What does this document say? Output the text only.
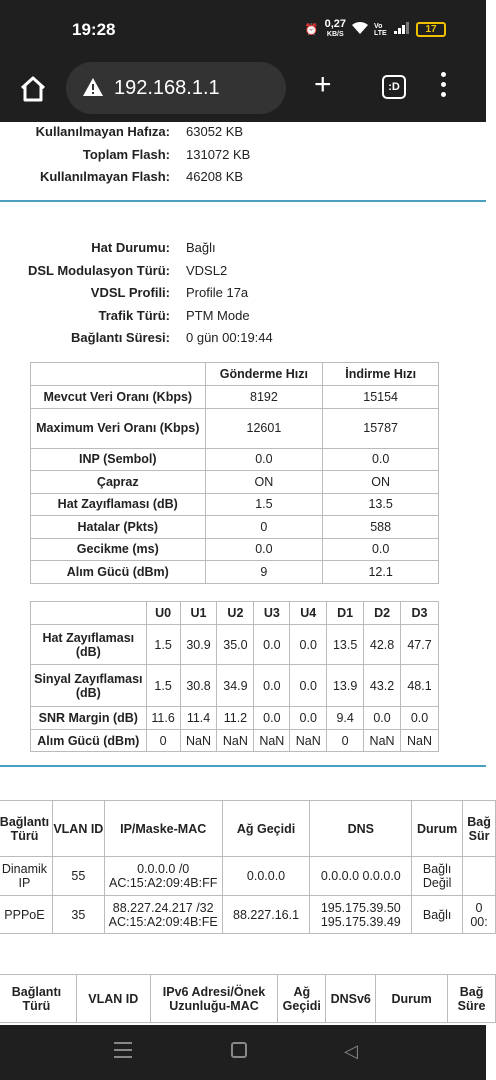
19:28	⏰ 0,27
KB/S
Vo LTE	17
192.168.1.1	+	:D
Kullanılmayan Hafıza: 63052 KB
Toplam Flash: 131072 KB
Kullanılmayan Flash: 46208 KB
Hat Durumu: Bağlı
DSL Modulasyon Türü: VDSL2
VDSL Profili: Profile 17a
Trafik Türü: PTM Mode
Bağlantı Süresi: 0 gün 00:19:44
	Gönderme Hızı	İndirme Hızı
Mevcut Veri Oranı (Kbps)	8192	15154
Maximum Veri Oranı (Kbps)	12601	15787
INP (Sembol)	0.0	0.0
Çapraz	ON	ON
Hat Zayıflaması (dB)	1.5	13.5
Hatalar (Pkts)	0	588
Gecikme (ms)	0.0	0.0
Alım Gücü (dBm)	9	12.1
	U0	U1	U2	U3	U4	D1	D2	D3
Hat Zayıflaması (dB)	1.5	30.9	35.0	0.0	0.0	13.5	42.8	47.7
Sinyal Zayıflaması (dB)	1.5	30.8	34.9	0.0	0.0	13.9	43.2	48.1
SNR Margin (dB)	11.6	11.4	11.2	0.0	0.0	9.4	0.0	0.0
Alım Gücü (dBm)	0	NaN	NaN	NaN	NaN	0	NaN	NaN
Bağlantı Türü	VLAN ID	IP/Maske-MAC	Ağ Geçidi	DNS	Durum	Bağ Sür
Dinamik IP	55	0.0.0.0 /0
AC:15:A2:09:4B:FF	0.0.0.0	0.0.0.0 0.0.0.0	Bağlı Değil	
PPPoE	35	88.227.24.217 /32
AC:15:A2:09:4B:FE	88.227.16.1	195.175.39.50
195.175.39.49	Bağlı	0
00:
Bağlantı Türü	VLAN ID	IPv6 Adresi/Önek Uzunluğu-MAC	Ağ Geçidi	DNSv6	Durum	Bağ Süre
◁
